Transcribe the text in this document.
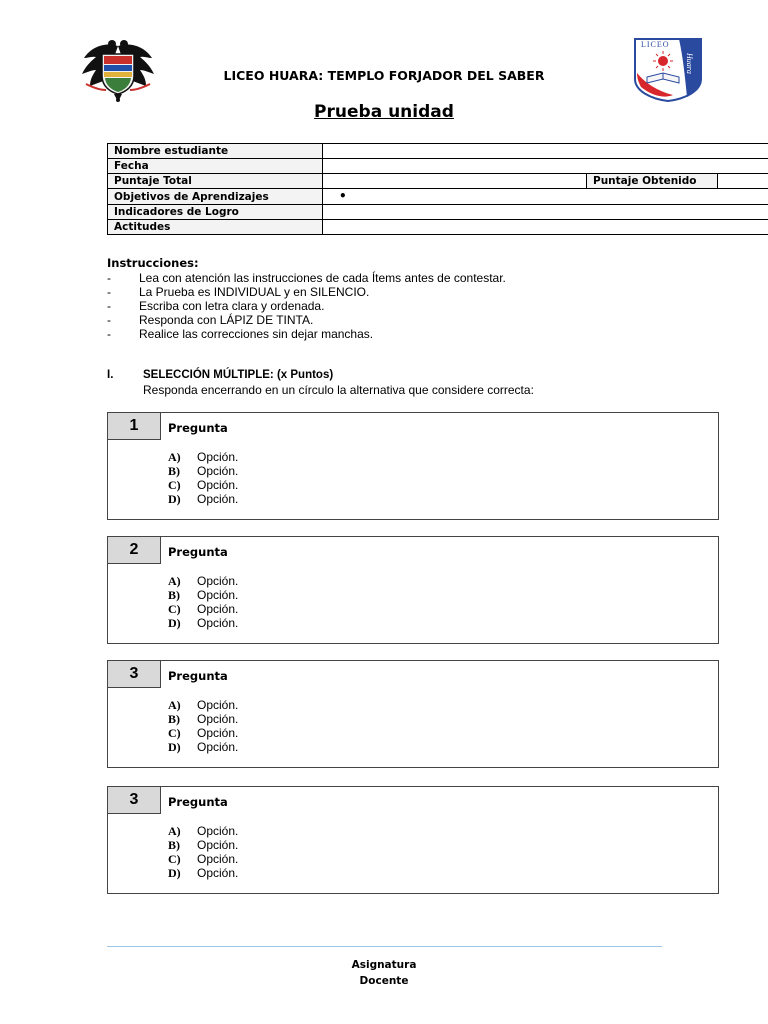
LICEO
Huara
LICEO HUARA: TEMPLO FORJADOR DEL SABER
Prueba unidad
Nombre estudiante			
Fecha			
Puntaje Total		Puntaje Obtenido	
Objetivos de Aprendizajes	•		
Indicadores de Logro			
Actitudes			
Instrucciones:
- Lea con atención las instrucciones de cada Ítems antes de contestar.
- La Prueba es INDIVIDUAL y en SILENCIO.
- Escriba con letra clara y ordenada.
- Responda con LÁPIZ DE TINTA.
- Realice las correcciones sin dejar manchas.
I.	SELECCIÓN MÚLTIPLE: (x Puntos)
Responda encerrando en un círculo la alternativa que considere correcta:
1	Pregunta
A) Opción.
B) Opción.
C) Opción.
D) Opción.
2	Pregunta
A) Opción.
B) Opción.
C) Opción.
D) Opción.
3	Pregunta
A) Opción.
B) Opción.
C) Opción.
D) Opción.
3	Pregunta
A) Opción.
B) Opción.
C) Opción.
D) Opción.
Asignatura
Docente
